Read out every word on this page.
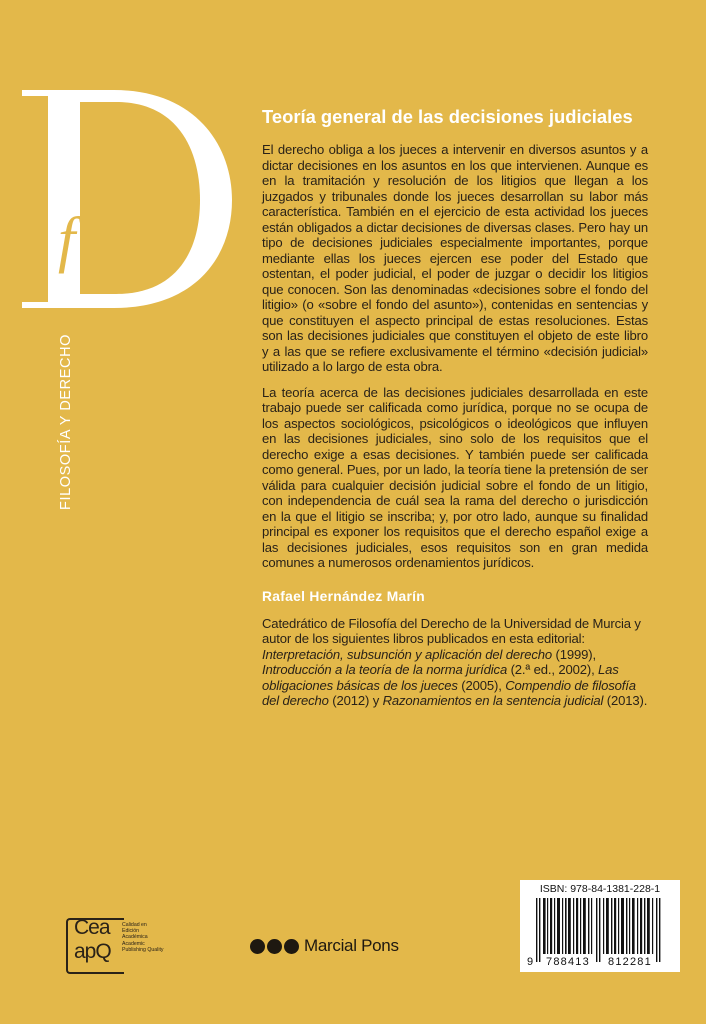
f
FILOSOFÍA Y DERECHO
Teoría general de las decisiones judiciales

El derecho obliga a los jueces a intervenir en diversos asuntos y a dictar decisiones en los asuntos en los que intervienen. Aunque es en la tramitación y resolución de los litigios que llegan a los juzgados y tribunales donde los jueces desarrollan su labor más característica. También en el ejercicio de esta actividad los jueces están obligados a dictar decisiones de diversas clases. Pero hay un tipo de decisiones judiciales especialmente importantes, porque mediante ellas los jueces ejercen ese poder del Estado que ostentan, el poder judicial, el poder de juzgar o decidir los litigios que conocen. Son las denominadas «decisiones sobre el fondo del litigio» (o «sobre el fondo del asunto»), contenidas en sentencias y que constituyen el aspecto principal de estas resoluciones. Estas son las decisiones judiciales que constituyen el objeto de este libro y a las que se refiere exclusivamente el término «decisión judicial» utilizado a lo largo de esta obra.

La teoría acerca de las decisiones judiciales desarrollada en este trabajo puede ser calificada como jurídica, porque no se ocupa de los aspectos sociológicos, psicológicos o ideológicos que influyen en las decisiones judiciales, sino solo de los requisitos que el derecho exige a esas decisiones. Y también puede ser calificada como general. Pues, por un lado, la teoría tiene la pretensión de ser válida para cualquier decisión judicial sobre el fondo de un litigio, con independencia de cuál sea la rama del derecho o jurisdicción en la que el litigio se inscriba; y, por otro lado, aunque su finalidad principal es exponer los requisitos que el derecho español exige a las decisiones judiciales, esos requisitos son en gran medida comunes a numerosos ordenamientos jurídicos.

Rafael Hernández Marín

Catedrático de Filosofía del Derecho de la Universidad de Murcia y autor de los siguientes libros publicados en esta editorial: Interpretación, subsunción y aplicación del derecho (1999), Introducción a la teoría de la norma jurídica (2.ª ed., 2002), Las obligaciones básicas de los jueces (2005), Compendio de filosofía del derecho (2012) y Razonamientos en la sentencia judicial (2013).

Cea
apQ
Calidad en Edición Académica
Academic Publishing Quality	Marcial Pons
ISBN: 978-84-1381-228-1
9 788413 812281
